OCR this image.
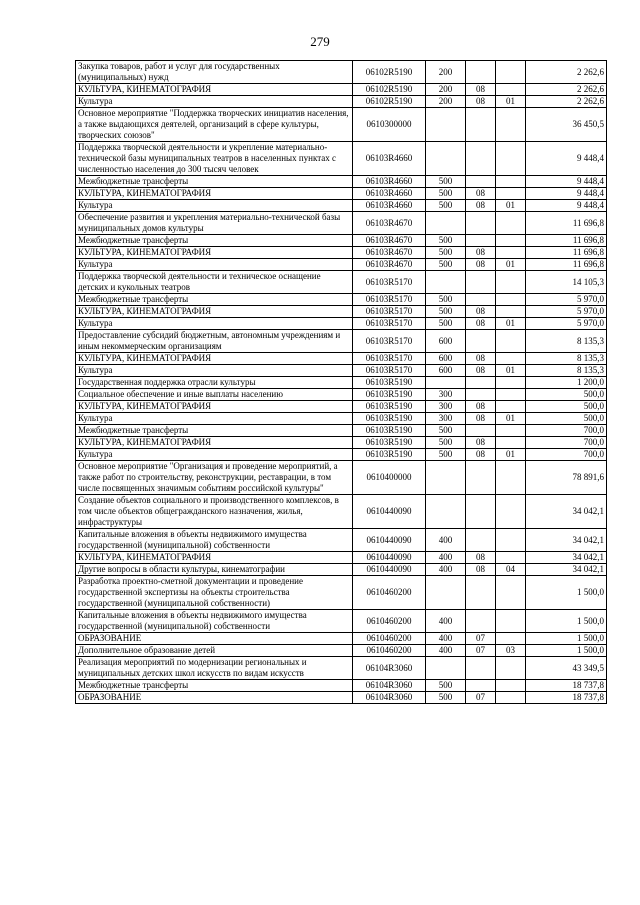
279
Закупка товаров, работ и услуг для государственных (муниципальных) нужд	06102R5190	200			2 262,6
КУЛЬТУРА, КИНЕМАТОГРАФИЯ	06102R5190	200	08		2 262,6
Культура	06102R5190	200	08	01	2 262,6
Основное мероприятие "Поддержка творческих инициатив населения, а также выдающихся деятелей, организаций в сфере культуры, творческих союзов"	0610300000				36 450,5
Поддержка творческой деятельности и укрепление материально-технической базы муниципальных театров в населенных пунктах с численностью населения до 300 тысяч человек	06103R4660				9 448,4
Межбюджетные трансферты	06103R4660	500			9 448,4
КУЛЬТУРА, КИНЕМАТОГРАФИЯ	06103R4660	500	08		9 448,4
Культура	06103R4660	500	08	01	9 448,4
Обеспечение развития и укрепления материально-технической базы муниципальных домов культуры	06103R4670				11 696,8
Межбюджетные трансферты	06103R4670	500			11 696,8
КУЛЬТУРА, КИНЕМАТОГРАФИЯ	06103R4670	500	08		11 696,8
Культура	06103R4670	500	08	01	11 696,8
Поддержка творческой деятельности и техническое оснащение детских и кукольных театров	06103R5170				14 105,3
Межбюджетные трансферты	06103R5170	500			5 970,0
КУЛЬТУРА, КИНЕМАТОГРАФИЯ	06103R5170	500	08		5 970,0
Культура	06103R5170	500	08	01	5 970,0
Предоставление субсидий бюджетным, автономным учреждениям и иным некоммерческим организациям	06103R5170	600			8 135,3
КУЛЬТУРА, КИНЕМАТОГРАФИЯ	06103R5170	600	08		8 135,3
Культура	06103R5170	600	08	01	8 135,3
Государственная поддержка отрасли культуры	06103R5190				1 200,0
Социальное обеспечение и иные выплаты населению	06103R5190	300			500,0
КУЛЬТУРА, КИНЕМАТОГРАФИЯ	06103R5190	300	08		500,0
Культура	06103R5190	300	08	01	500,0
Межбюджетные трансферты	06103R5190	500			700,0
КУЛЬТУРА, КИНЕМАТОГРАФИЯ	06103R5190	500	08		700,0
Культура	06103R5190	500	08	01	700,0
Основное мероприятие "Организация и проведение мероприятий, а также работ по строительству, реконструкции, реставрации, в том числе посвященных значимым событиям российской культуры"	0610400000				78 891,6
Создание объектов социального и производственного комплексов, в том числе объектов общегражданского назначения, жилья, инфраструктуры	0610440090				34 042,1
Капитальные вложения в объекты недвижимого имущества государственной (муниципальной) собственности	0610440090	400			34 042,1
КУЛЬТУРА, КИНЕМАТОГРАФИЯ	0610440090	400	08		34 042,1
Другие вопросы в области культуры, кинематографии	0610440090	400	08	04	34 042,1
Разработка проектно-сметной документации и проведение государственной экспертизы на объекты строительства государственной (муниципальной собственности)	0610460200				1 500,0
Капитальные вложения в объекты недвижимого имущества государственной (муниципальной) собственности	0610460200	400			1 500,0
ОБРАЗОВАНИЕ	0610460200	400	07		1 500,0
Дополнительное образование детей	0610460200	400	07	03	1 500,0
Реализация мероприятий по модернизации региональных и муниципальных детских школ искусств по видам искусств	06104R3060				43 349,5
Межбюджетные трансферты	06104R3060	500			18 737,8
ОБРАЗОВАНИЕ	06104R3060	500	07		18 737,8
